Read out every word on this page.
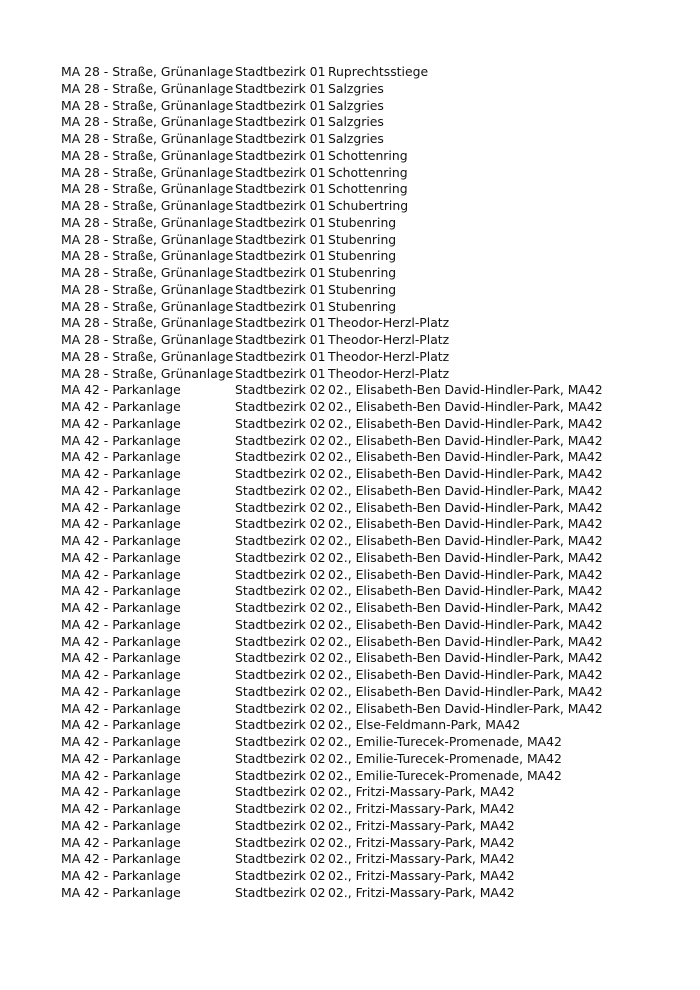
MA 28 - Straße, Grünanlage Stadtbezirk 01 Ruprechtsstiege
MA 28 - Straße, Grünanlage Stadtbezirk 01 Salzgries
MA 28 - Straße, Grünanlage Stadtbezirk 01 Salzgries
MA 28 - Straße, Grünanlage Stadtbezirk 01 Salzgries
MA 28 - Straße, Grünanlage Stadtbezirk 01 Salzgries
MA 28 - Straße, Grünanlage Stadtbezirk 01 Schottenring
MA 28 - Straße, Grünanlage Stadtbezirk 01 Schottenring
MA 28 - Straße, Grünanlage Stadtbezirk 01 Schottenring
MA 28 - Straße, Grünanlage Stadtbezirk 01 Schubertring
MA 28 - Straße, Grünanlage Stadtbezirk 01 Stubenring
MA 28 - Straße, Grünanlage Stadtbezirk 01 Stubenring
MA 28 - Straße, Grünanlage Stadtbezirk 01 Stubenring
MA 28 - Straße, Grünanlage Stadtbezirk 01 Stubenring
MA 28 - Straße, Grünanlage Stadtbezirk 01 Stubenring
MA 28 - Straße, Grünanlage Stadtbezirk 01 Stubenring
MA 28 - Straße, Grünanlage Stadtbezirk 01 Theodor-Herzl-Platz
MA 28 - Straße, Grünanlage Stadtbezirk 01 Theodor-Herzl-Platz
MA 28 - Straße, Grünanlage Stadtbezirk 01 Theodor-Herzl-Platz
MA 28 - Straße, Grünanlage Stadtbezirk 01 Theodor-Herzl-Platz
MA 42 - Parkanlage	Stadtbezirk 02 02., Elisabeth-Ben David-Hindler-Park, MA42
MA 42 - Parkanlage	Stadtbezirk 02 02., Elisabeth-Ben David-Hindler-Park, MA42
MA 42 - Parkanlage	Stadtbezirk 02 02., Elisabeth-Ben David-Hindler-Park, MA42
MA 42 - Parkanlage	Stadtbezirk 02 02., Elisabeth-Ben David-Hindler-Park, MA42
MA 42 - Parkanlage	Stadtbezirk 02 02., Elisabeth-Ben David-Hindler-Park, MA42
MA 42 - Parkanlage	Stadtbezirk 02 02., Elisabeth-Ben David-Hindler-Park, MA42
MA 42 - Parkanlage	Stadtbezirk 02 02., Elisabeth-Ben David-Hindler-Park, MA42
MA 42 - Parkanlage	Stadtbezirk 02 02., Elisabeth-Ben David-Hindler-Park, MA42
MA 42 - Parkanlage	Stadtbezirk 02 02., Elisabeth-Ben David-Hindler-Park, MA42
MA 42 - Parkanlage	Stadtbezirk 02 02., Elisabeth-Ben David-Hindler-Park, MA42
MA 42 - Parkanlage	Stadtbezirk 02 02., Elisabeth-Ben David-Hindler-Park, MA42
MA 42 - Parkanlage	Stadtbezirk 02 02., Elisabeth-Ben David-Hindler-Park, MA42
MA 42 - Parkanlage	Stadtbezirk 02 02., Elisabeth-Ben David-Hindler-Park, MA42
MA 42 - Parkanlage	Stadtbezirk 02 02., Elisabeth-Ben David-Hindler-Park, MA42
MA 42 - Parkanlage	Stadtbezirk 02 02., Elisabeth-Ben David-Hindler-Park, MA42
MA 42 - Parkanlage	Stadtbezirk 02 02., Elisabeth-Ben David-Hindler-Park, MA42
MA 42 - Parkanlage	Stadtbezirk 02 02., Elisabeth-Ben David-Hindler-Park, MA42
MA 42 - Parkanlage	Stadtbezirk 02 02., Elisabeth-Ben David-Hindler-Park, MA42
MA 42 - Parkanlage	Stadtbezirk 02 02., Elisabeth-Ben David-Hindler-Park, MA42
MA 42 - Parkanlage	Stadtbezirk 02 02., Elisabeth-Ben David-Hindler-Park, MA42
MA 42 - Parkanlage	Stadtbezirk 02 02., Else-Feldmann-Park, MA42
MA 42 - Parkanlage	Stadtbezirk 02 02., Emilie-Turecek-Promenade, MA42
MA 42 - Parkanlage	Stadtbezirk 02 02., Emilie-Turecek-Promenade, MA42
MA 42 - Parkanlage	Stadtbezirk 02 02., Emilie-Turecek-Promenade, MA42
MA 42 - Parkanlage	Stadtbezirk 02 02., Fritzi-Massary-Park, MA42
MA 42 - Parkanlage	Stadtbezirk 02 02., Fritzi-Massary-Park, MA42
MA 42 - Parkanlage	Stadtbezirk 02 02., Fritzi-Massary-Park, MA42
MA 42 - Parkanlage	Stadtbezirk 02 02., Fritzi-Massary-Park, MA42
MA 42 - Parkanlage	Stadtbezirk 02 02., Fritzi-Massary-Park, MA42
MA 42 - Parkanlage	Stadtbezirk 02 02., Fritzi-Massary-Park, MA42
MA 42 - Parkanlage	Stadtbezirk 02 02., Fritzi-Massary-Park, MA42
